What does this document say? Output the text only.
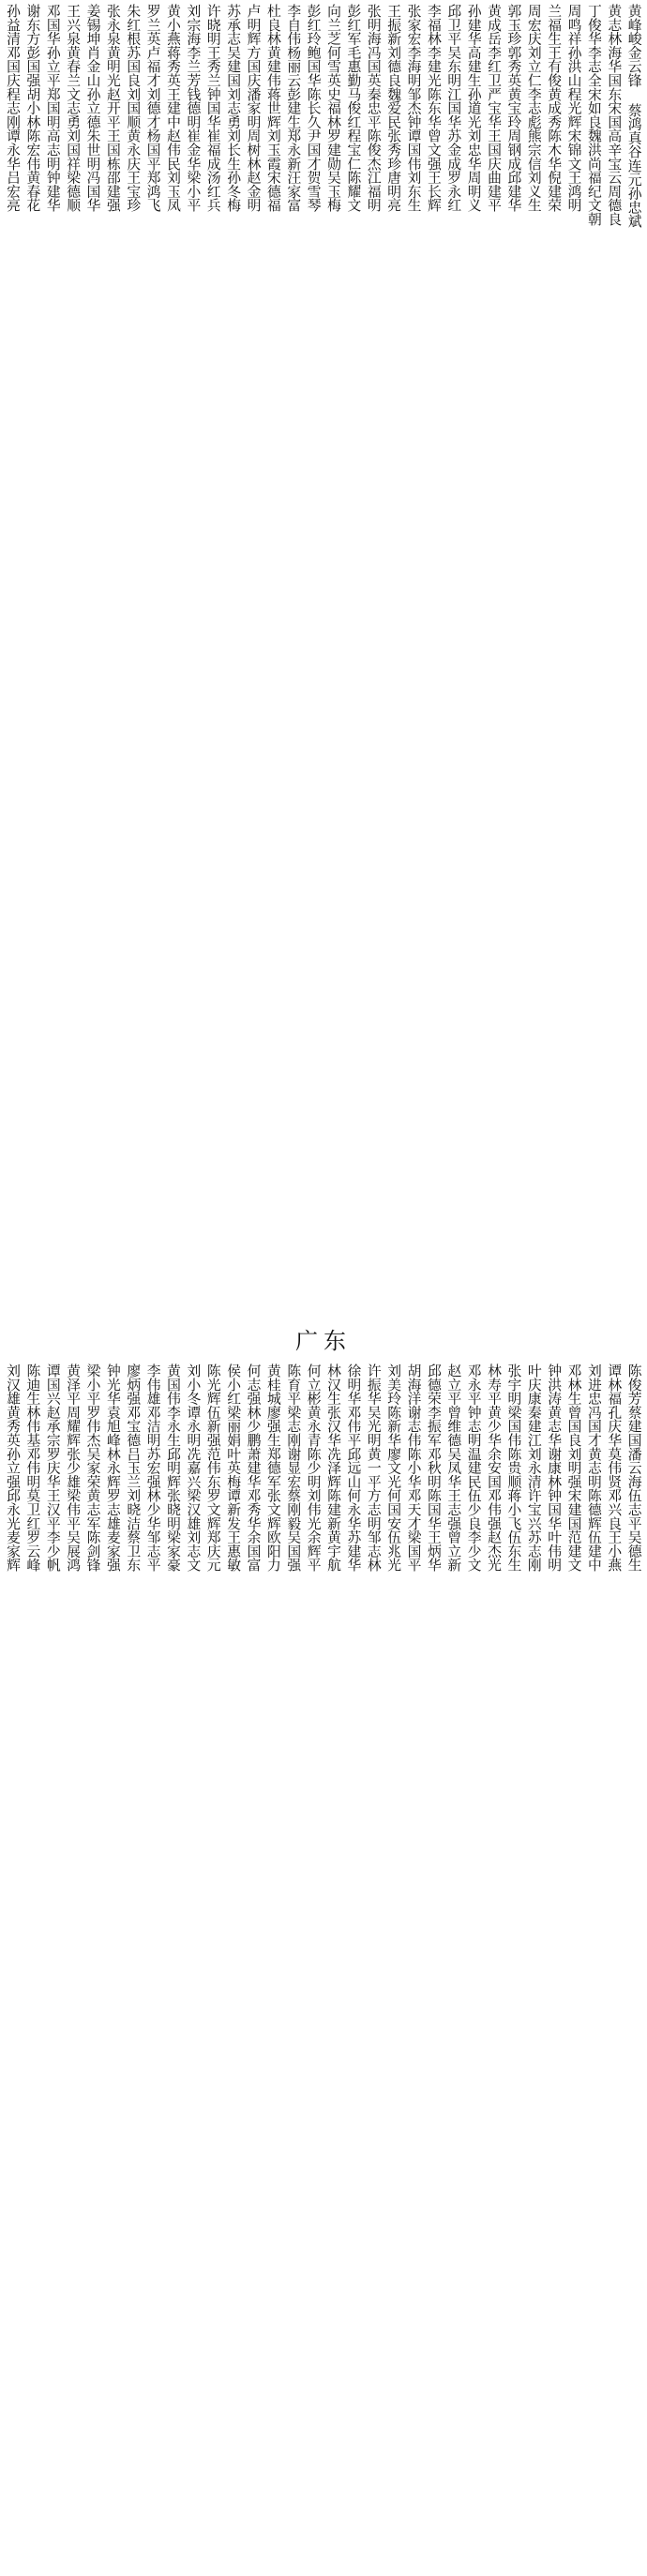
黄峰峻金云锋 蔡鸿真谷连元孙忠斌
黄志林海华国东宋国高辛宝云周德良
丁俊华李志全宋如良魏洪尚福纪文朝
周鸣祥孙洪山程光辉宋锦文王鸿明
兰福生王有俊黄成秀陈木华倪建荣
周宏庆刘立仁李志彪熊宗信刘义生
郭玉珍郭秀英黄宝玲周钢成邱建华
黄成岳李红卫严宝华王国庆曲建平
孙建华高建生孙道光刘忠华周明义
邱卫平吴东明江国华苏金成罗永红
李福林李建光陈东华曾文强王长辉
张家宏李海明邹杰钟谭国伟刘东生
王振新刘德良魏爱民张秀珍唐明亮
张明海冯国英秦忠平陈俊杰江福明
彭红军毛惠勤马俊红程宝仁陈耀文
向兰芝何雪英史福林罗建勋吴玉梅
彭红玲鲍国华陈长久尹国才贺雪琴
李自伟杨丽云彭建生郑永新汪家富
杜良林黄建伟蒋世辉刘玉霞宋德福
卢明辉方国庆潘家明周树林赵金明
苏承志吴建国刘志勇刘长生孙冬梅
许晓明王秀兰钟国华崔福成汤红兵
刘宗海李兰芳钱德明崔金华梁小平
黄小燕蒋秀英王建中赵伟民刘玉凤
罗兰英卢福才刘德才杨国平郑鸿飞
朱红根苏国良刘国顺黄永庆王宝珍
张永泉黄明光赵开平王国栋邵建强
姜锡坤肖金山孙立德朱世明冯国华
王兴泉黄春兰文志勇刘国祥梁德顺
邓国华孙立平郑国明高志明钟建华
谢东方彭国强胡小林陈宏伟黄春花
孙益清邓国庆程志刚谭永华吕宏亮
广东
陈俊芳蔡建国潘云海伍志平吴德生
谭林福孔庆华莫伟贤邓兴良王小燕
刘进忠冯国才黄志明陈德辉伍建中
邓林生曾国良刘明强宋建国范建文
钟洪涛黄志华谢康林钟国华叶伟明
叶庆康秦建江刘永清许宝兴苏志刚
张宇明梁国伟陈贵顺蒋小飞伍东生
林寿平黄少华余安国邓伟强赵杰光
邓永平钟志明温建民伍少良李少文
赵立平曾维德吴凤华王志强曾立新
邱德荣李振军邓秋明陈国华王炳华
胡海洋谢志伟陈小华邓天才梁国平
刘美玲陈新华廖文光何国安伍兆光
许振华吴光明黄一平方志明邹志林
徐明华邓伟平邱远山何永华苏建华
林汉生张汉华冼泽辉陈建新黄宇航
何立彬黄永青陈少明刘伟光余辉平
陈育平梁志刚谢显宏蔡刚毅吴国强
黄桂城廖强生郑德军张文辉欧阳力
何志强林少鹏萧建华邓秀华余国富
侯小红梁丽娟叶英梅谭新发王惠敏
陈光辉伍新强范伟东罗文辉郑庆元
刘小冬谭永明冼嘉兴梁汉雄刘志文
黄国伟李永生邱明辉张晓明梁家豪
李伟雄邓洁明苏宏强林少华邹志平
廖炳强邓宝德吕玉兰刘晓洁蔡卫东
钟光华袁旭峰林永辉罗志雄麦家强
梁小平罗伟杰吴家荣黄志军陈剑锋
黄泽平周耀辉张少雄梁伟平吴展鸿
谭国兴赵承宗罗庆华王汉平李少帆
陈迪生林伟基邓伟明莫卫红罗云峰
刘汉雄黄秀英孙立强邱永光麦家辉
